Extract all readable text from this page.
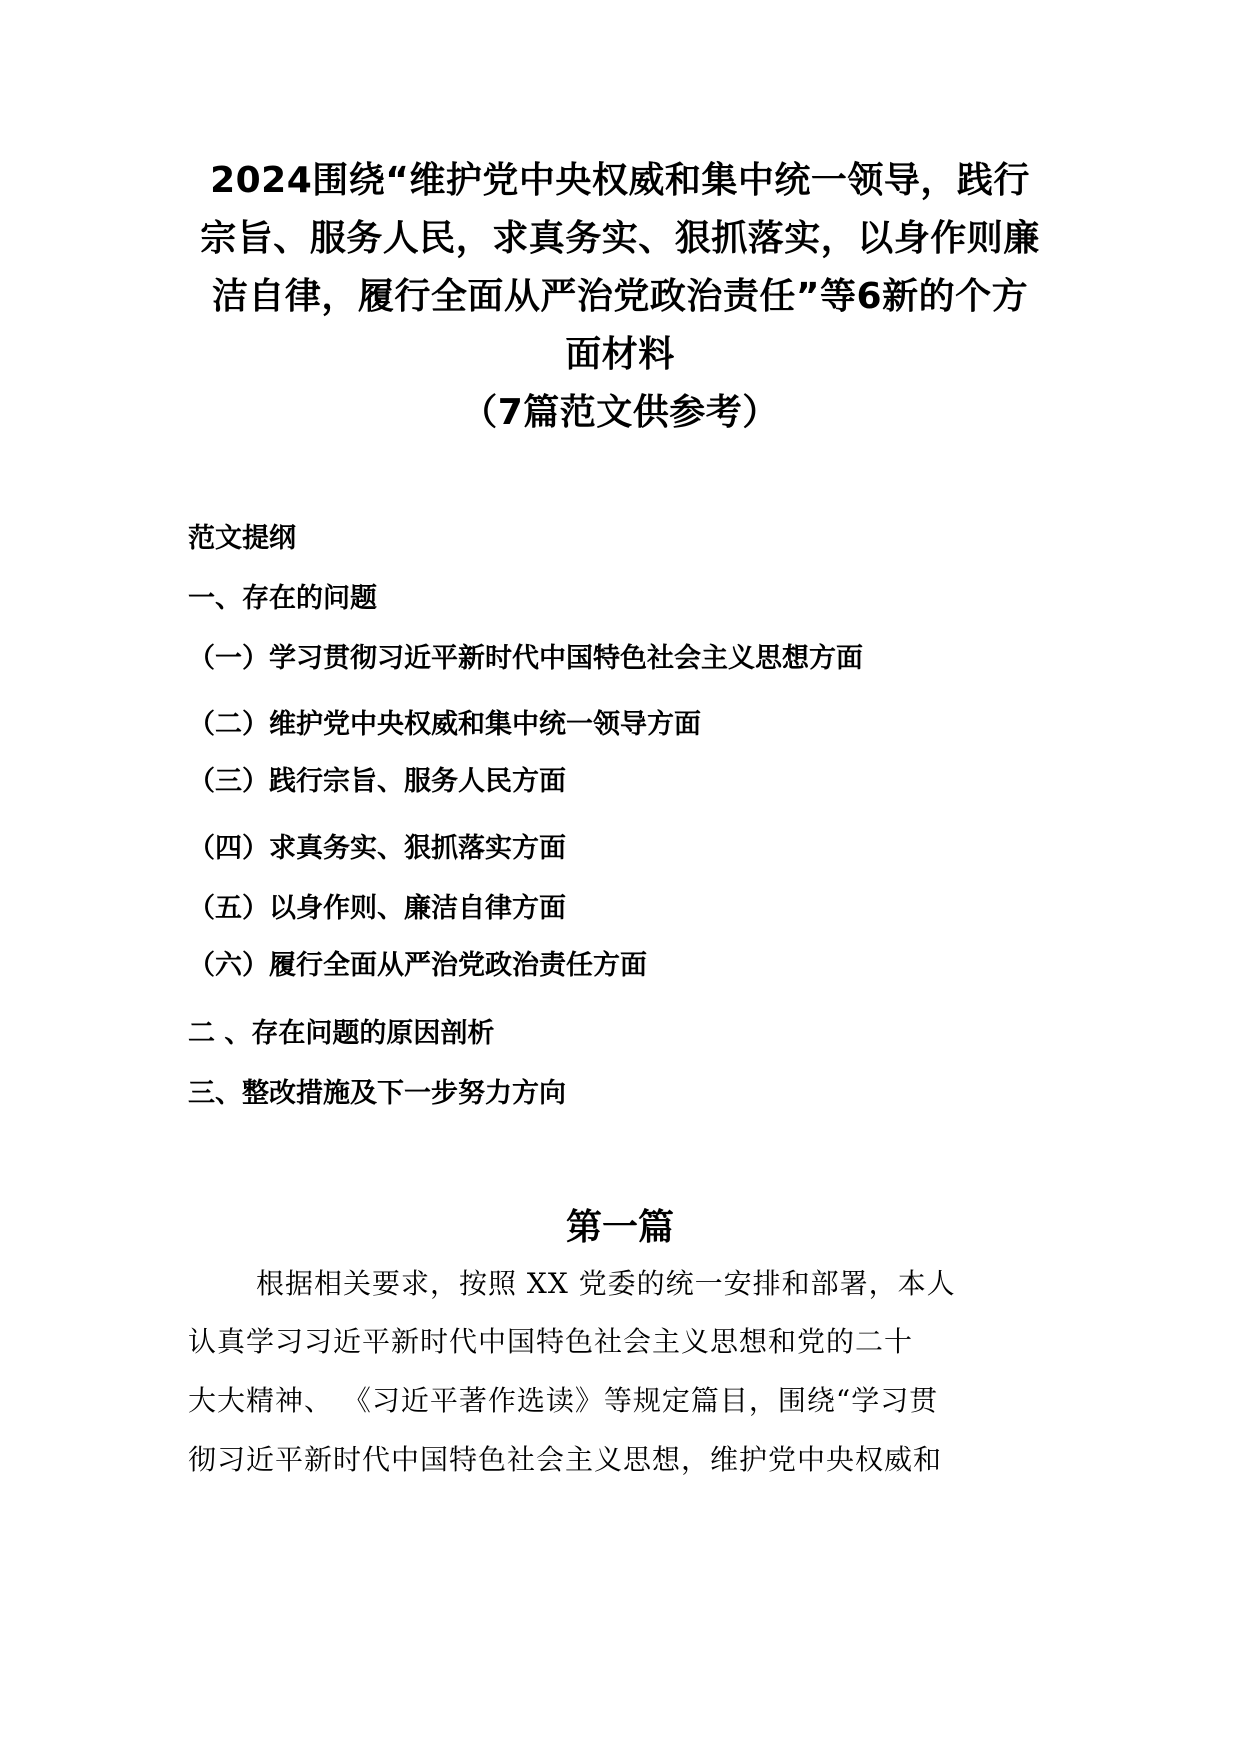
2024围绕“维护党中央权威和集中统一领导，践行
宗旨、服务人民，求真务实、狠抓落实，以身作则廉
洁自律，履行全面从严治党政治责任”等6新的个方
面材料
（7篇范文供参考）
范文提纲
一、存在的问题
（一）学习贯彻习近平新时代中国特色社会主义思想方面
（二）维护党中央权威和集中统一领导方面
（三）践行宗旨、服务人民方面
（四）求真务实、狠抓落实方面
（五）以身作则、廉洁自律方面
（六）履行全面从严治党政治责任方面
二 、存在问题的原因剖析
三、整改措施及下一步努力方向
第一篇
根据相关要求，按照 XX 党委的统一安排和部署，本人
认真学习习近平新时代中国特色社会主义思想和党的二十
大大精神、 《习近平著作选读》等规定篇目，围绕“学习贯
彻习近平新时代中国特色社会主义思想，维护党中央权威和
